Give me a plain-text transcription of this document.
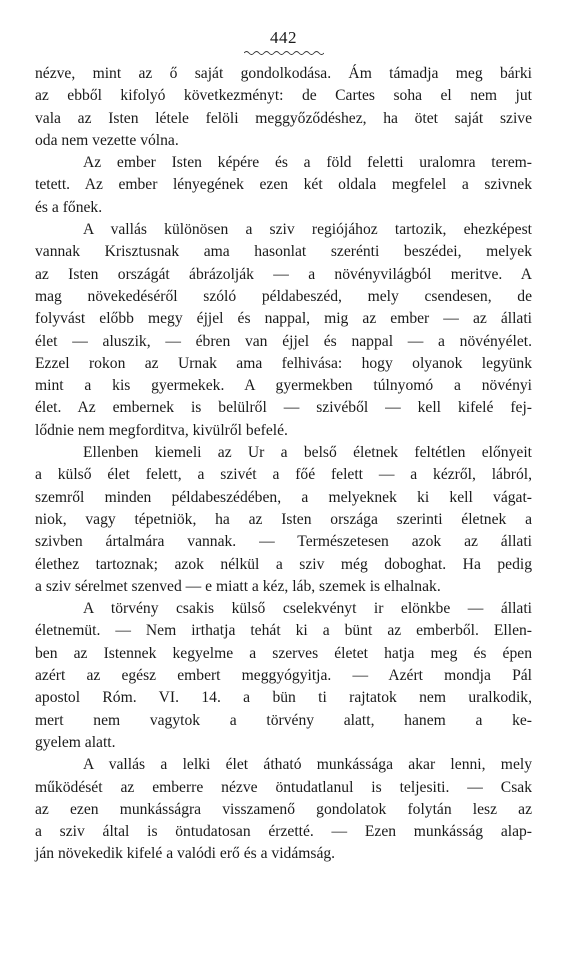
442
nézve, mint az ő saját gondolkodása. Ám támadja meg bárki
az ebből kifolyó következményt: de Cartes soha el nem jut
vala az Isten létele felöli meggyőződéshez, ha ötet saját szive
oda nem vezette vólna.
Az ember Isten képére és a föld feletti uralomra terem-
tetett. Az ember lényegének ezen két oldala megfelel a szivnek
és a főnek.
A vallás különösen a sziv regiójához tartozik, ehezképest
vannak Krisztusnak ama hasonlat szerénti beszédei, melyek
az Isten országát ábrázolják — a növényvilágból meritve. A
mag növekedéséről szóló példabeszéd, mely csendesen, de
folyvást előbb megy éjjel és nappal, mig az ember — az állati
élet — aluszik, — ébren van éjjel és nappal — a növényélet.
Ezzel rokon az Urnak ama felhivása: hogy olyanok legyünk
mint a kis gyermekek. A gyermekben túlnyomó a növényi
élet. Az embernek is belülről — szivéből — kell kifelé fej-
lődnie nem megforditva, kivülről befelé.
Ellenben kiemeli az Ur a belső életnek feltétlen előnyeit
a külső élet felett, a szivét a főé felett — a kézről, lábról,
szemről minden példabeszédében, a melyeknek ki kell vágat-
niok, vagy tépetniök, ha az Isten országa szerinti életnek a
szivben ártalmára vannak. — Természetesen azok az állati
élethez tartoznak; azok nélkül a sziv még doboghat. Ha pedig
a sziv sérelmet szenved — e miatt a kéz, láb, szemek is elhalnak.
A törvény csakis külső cselekvényt ir elönkbe — állati
életnemüt. — Nem irthatja tehát ki a bünt az emberből. Ellen-
ben az Istennek kegyelme a szerves életet hatja meg és épen
azért az egész embert meggyógyitja. — Azért mondja Pál
apostol Róm. VI. 14. a bün ti rajtatok nem uralkodik,
mert nem vagytok a törvény alatt, hanem a ke-
gyelem alatt.
A vallás a lelki élet átható munkássága akar lenni, mely
működését az emberre nézve öntudatlanul is teljesiti. — Csak
az ezen munkásságra visszamenő gondolatok folytán lesz az
a sziv által is öntudatosan érzetté. — Ezen munkásság alap-
ján növekedik kifelé a valódi erő és a vidámság.
